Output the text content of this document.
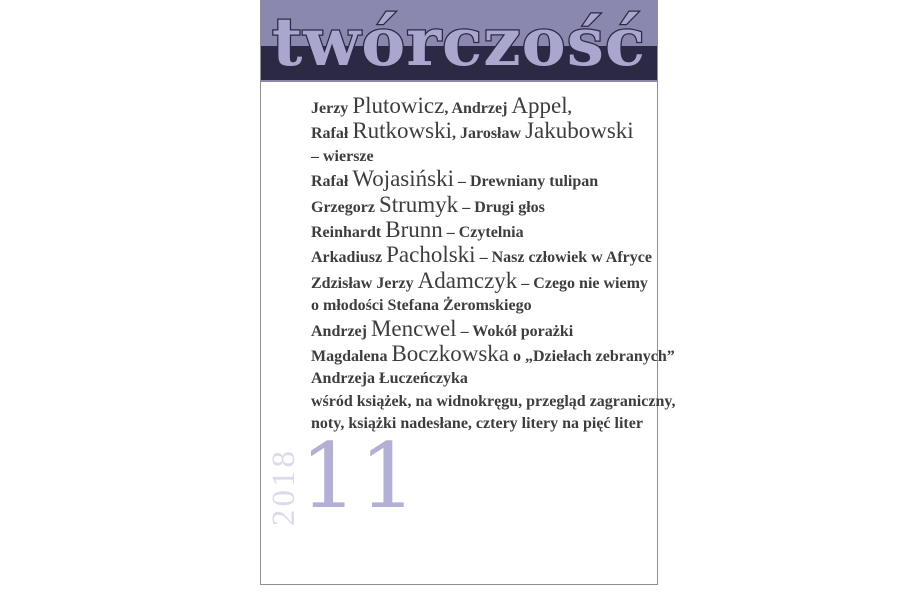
twórczość
Jerzy Plutowicz, Andrzej Appel,
Rafał Rutkowski, Jarosław Jakubowski
– wiersze
Rafał Wojasiński – Drewniany tulipan
Grzegorz Strumyk – Drugi głos
Reinhardt Brunn – Czytelnia
Arkadiusz Pacholski – Nasz człowiek w Afryce
Zdzisław Jerzy Adamczyk – Czego nie wiemy
o młodości Stefana Żeromskiego
Andrzej Mencwel – Wokół porażki
Magdalena Boczkowska o „Dziełach zebranych”
Andrzeja Łuczeńczyka
wśród książek, na widnokręgu, przegląd zagraniczny,
noty, książki nadesłane, cztery litery na pięć liter
2018
11
